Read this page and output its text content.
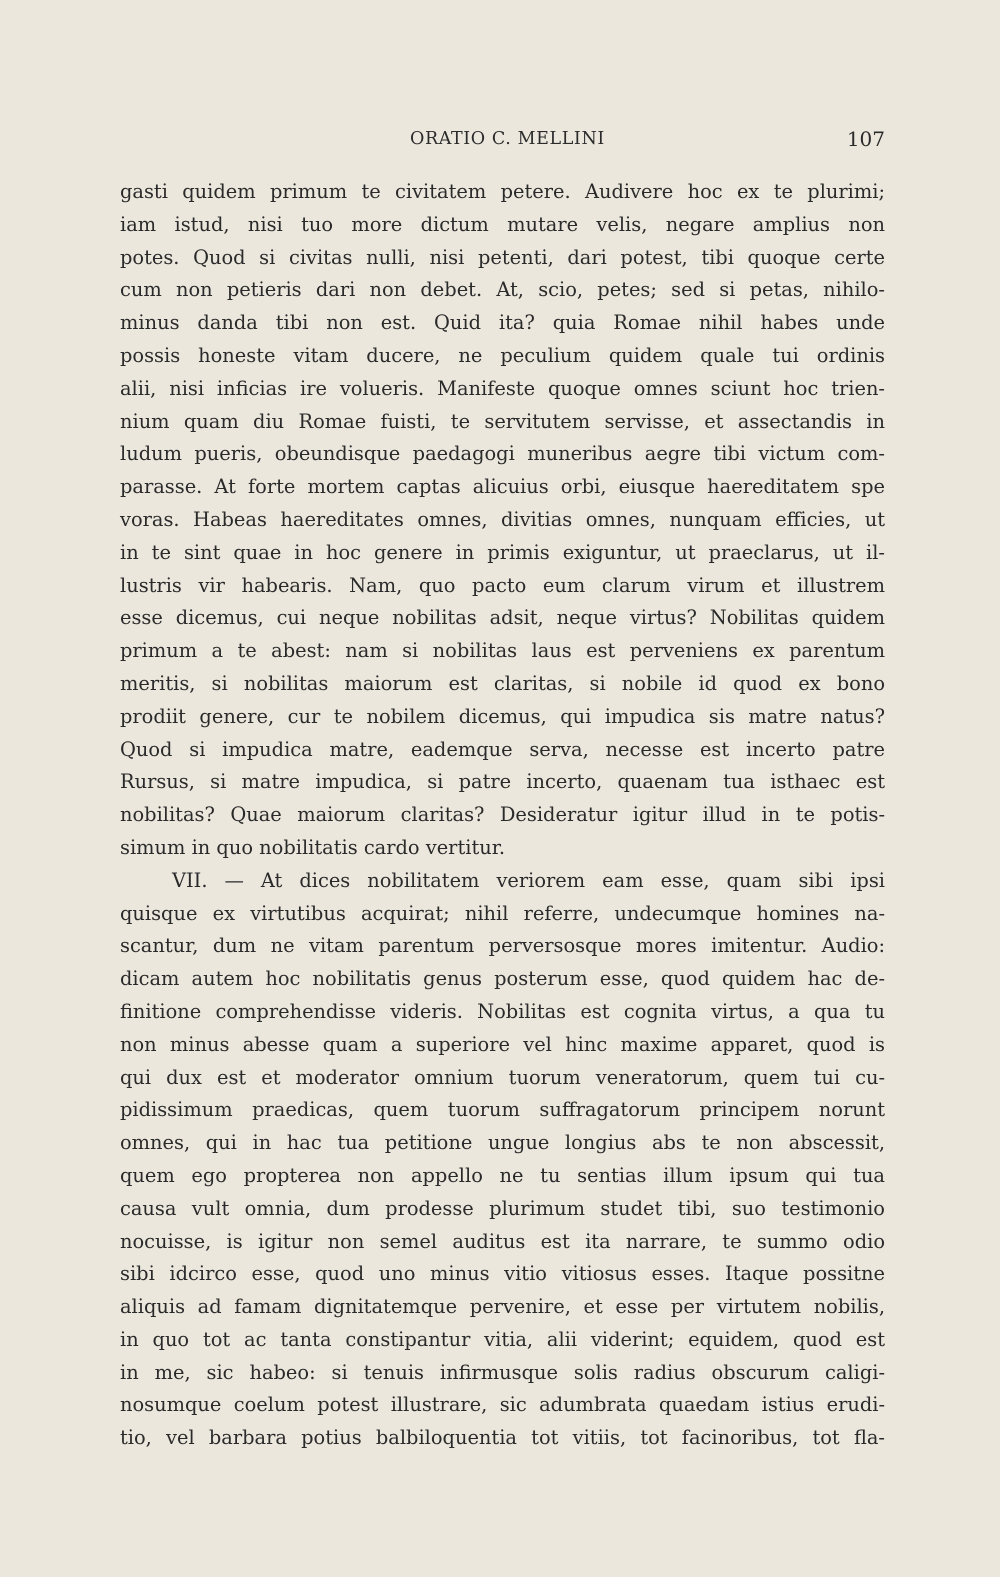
ORATIO C. MELLINI	107
gasti quidem primum te civitatem petere. Audivere hoc ex te plurimi;
iam istud, nisi tuo more dictum mutare velis, negare amplius non
potes. Quod si civitas nulli, nisi petenti, dari potest, tibi quoque certe
cum non petieris dari non debet. At, scio, petes; sed si petas, nihilo-
minus danda tibi non est. Quid ita? quia Romae nihil habes unde
possis honeste vitam ducere, ne peculium quidem quale tui ordinis
alii, nisi inficias ire volueris. Manifeste quoque omnes sciunt hoc trien-
nium quam diu Romae fuisti, te servitutem servisse, et assectandis in
ludum pueris, obeundisque paedagogi muneribus aegre tibi victum com-
parasse. At forte mortem captas alicuius orbi, eiusque haereditatem spe
voras. Habeas haereditates omnes, divitias omnes, nunquam efficies, ut
in te sint quae in hoc genere in primis exiguntur, ut praeclarus, ut il-
lustris vir habearis. Nam, quo pacto eum clarum virum et illustrem
esse dicemus, cui neque nobilitas adsit, neque virtus? Nobilitas quidem
primum a te abest: nam si nobilitas laus est perveniens ex parentum
meritis, si nobilitas maiorum est claritas, si nobile id quod ex bono
prodiit genere, cur te nobilem dicemus, qui impudica sis matre natus?
Quod si impudica matre, eademque serva, necesse est incerto patre
Rursus, si matre impudica, si patre incerto, quaenam tua isthaec est
nobilitas? Quae maiorum claritas? Desideratur igitur illud in te potis-
simum in quo nobilitatis cardo vertitur.
VII. — At dices nobilitatem veriorem eam esse, quam sibi ipsi
quisque ex virtutibus acquirat; nihil referre, undecumque homines na-
scantur, dum ne vitam parentum perversosque mores imitentur. Audio:
dicam autem hoc nobilitatis genus posterum esse, quod quidem hac de-
finitione comprehendisse videris. Nobilitas est cognita virtus, a qua tu
non minus abesse quam a superiore vel hinc maxime apparet, quod is
qui dux est et moderator omnium tuorum veneratorum, quem tui cu-
pidissimum praedicas, quem tuorum suffragatorum principem norunt
omnes, qui in hac tua petitione ungue longius abs te non abscessit,
quem ego propterea non appello ne tu sentias illum ipsum qui tua
causa vult omnia, dum prodesse plurimum studet tibi, suo testimonio
nocuisse, is igitur non semel auditus est ita narrare, te summo odio
sibi idcirco esse, quod uno minus vitio vitiosus esses. Itaque possitne
aliquis ad famam dignitatemque pervenire, et esse per virtutem nobilis,
in quo tot ac tanta constipantur vitia, alii viderint; equidem, quod est
in me, sic habeo: si tenuis infirmusque solis radius obscurum caligi-
nosumque coelum potest illustrare, sic adumbrata quaedam istius erudi-
tio, vel barbara potius balbiloquentia tot vitiis, tot facinoribus, tot fla-
